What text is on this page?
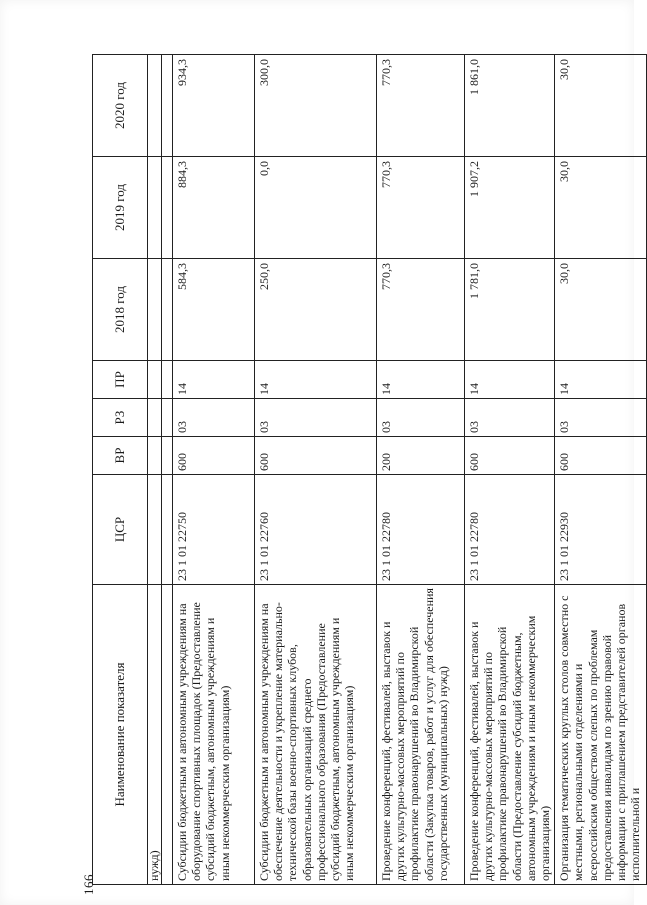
166
Наименование показателя	ЦСР	ВР	РЗ	ПР	2018 год	2019 год	2020 год
нужд)							

Субсидии бюджетным и автономным учреждениям на оборудование спортивных площадок (Предоставление субсидий бюджетным, автономным учреждениям и иным некоммерческим организациям)	23 1 01 22750	600	03	14	584,3	884,3	934,3
Субсидии бюджетным и автономным учреждениям на обеспечение деятельности и укрепление материально-технической базы военно-спортивных клубов, образовательных организаций среднего профессионального образования (Предоставление субсидий бюджетным, автономным учреждениям и иным некоммерческим организациям)	23 1 01 22760	600	03	14	250,0	0,0	300,0
Проведение конференций, фестивалей, выставок и других культурно-массовых мероприятий по профилактике правонарушений во Владимирской области (Закупка товаров, работ и услуг для обеспечения государственных (муниципальных) нужд)	23 1 01 22780	200	03	14	770,3	770,3	770,3
Проведение конференций, фестивалей, выставок и других культурно-массовых мероприятий по профилактике правонарушений во Владимирской области (Предоставление субсидий бюджетным, автономным учреждениям и иным некоммерческим организациям)	23 1 01 22780	600	03	14	1 781,0	1 907,2	1 861,0
Организация тематических круглых столов совместно с местными, региональными отделениями и всероссийским обществом слепых по проблемам предоставления инвалидам по зрению правовой информации с приглашением представителей органов исполнительной и	23 1 01 22930	600	03	14	30,0	30,0	30,0
